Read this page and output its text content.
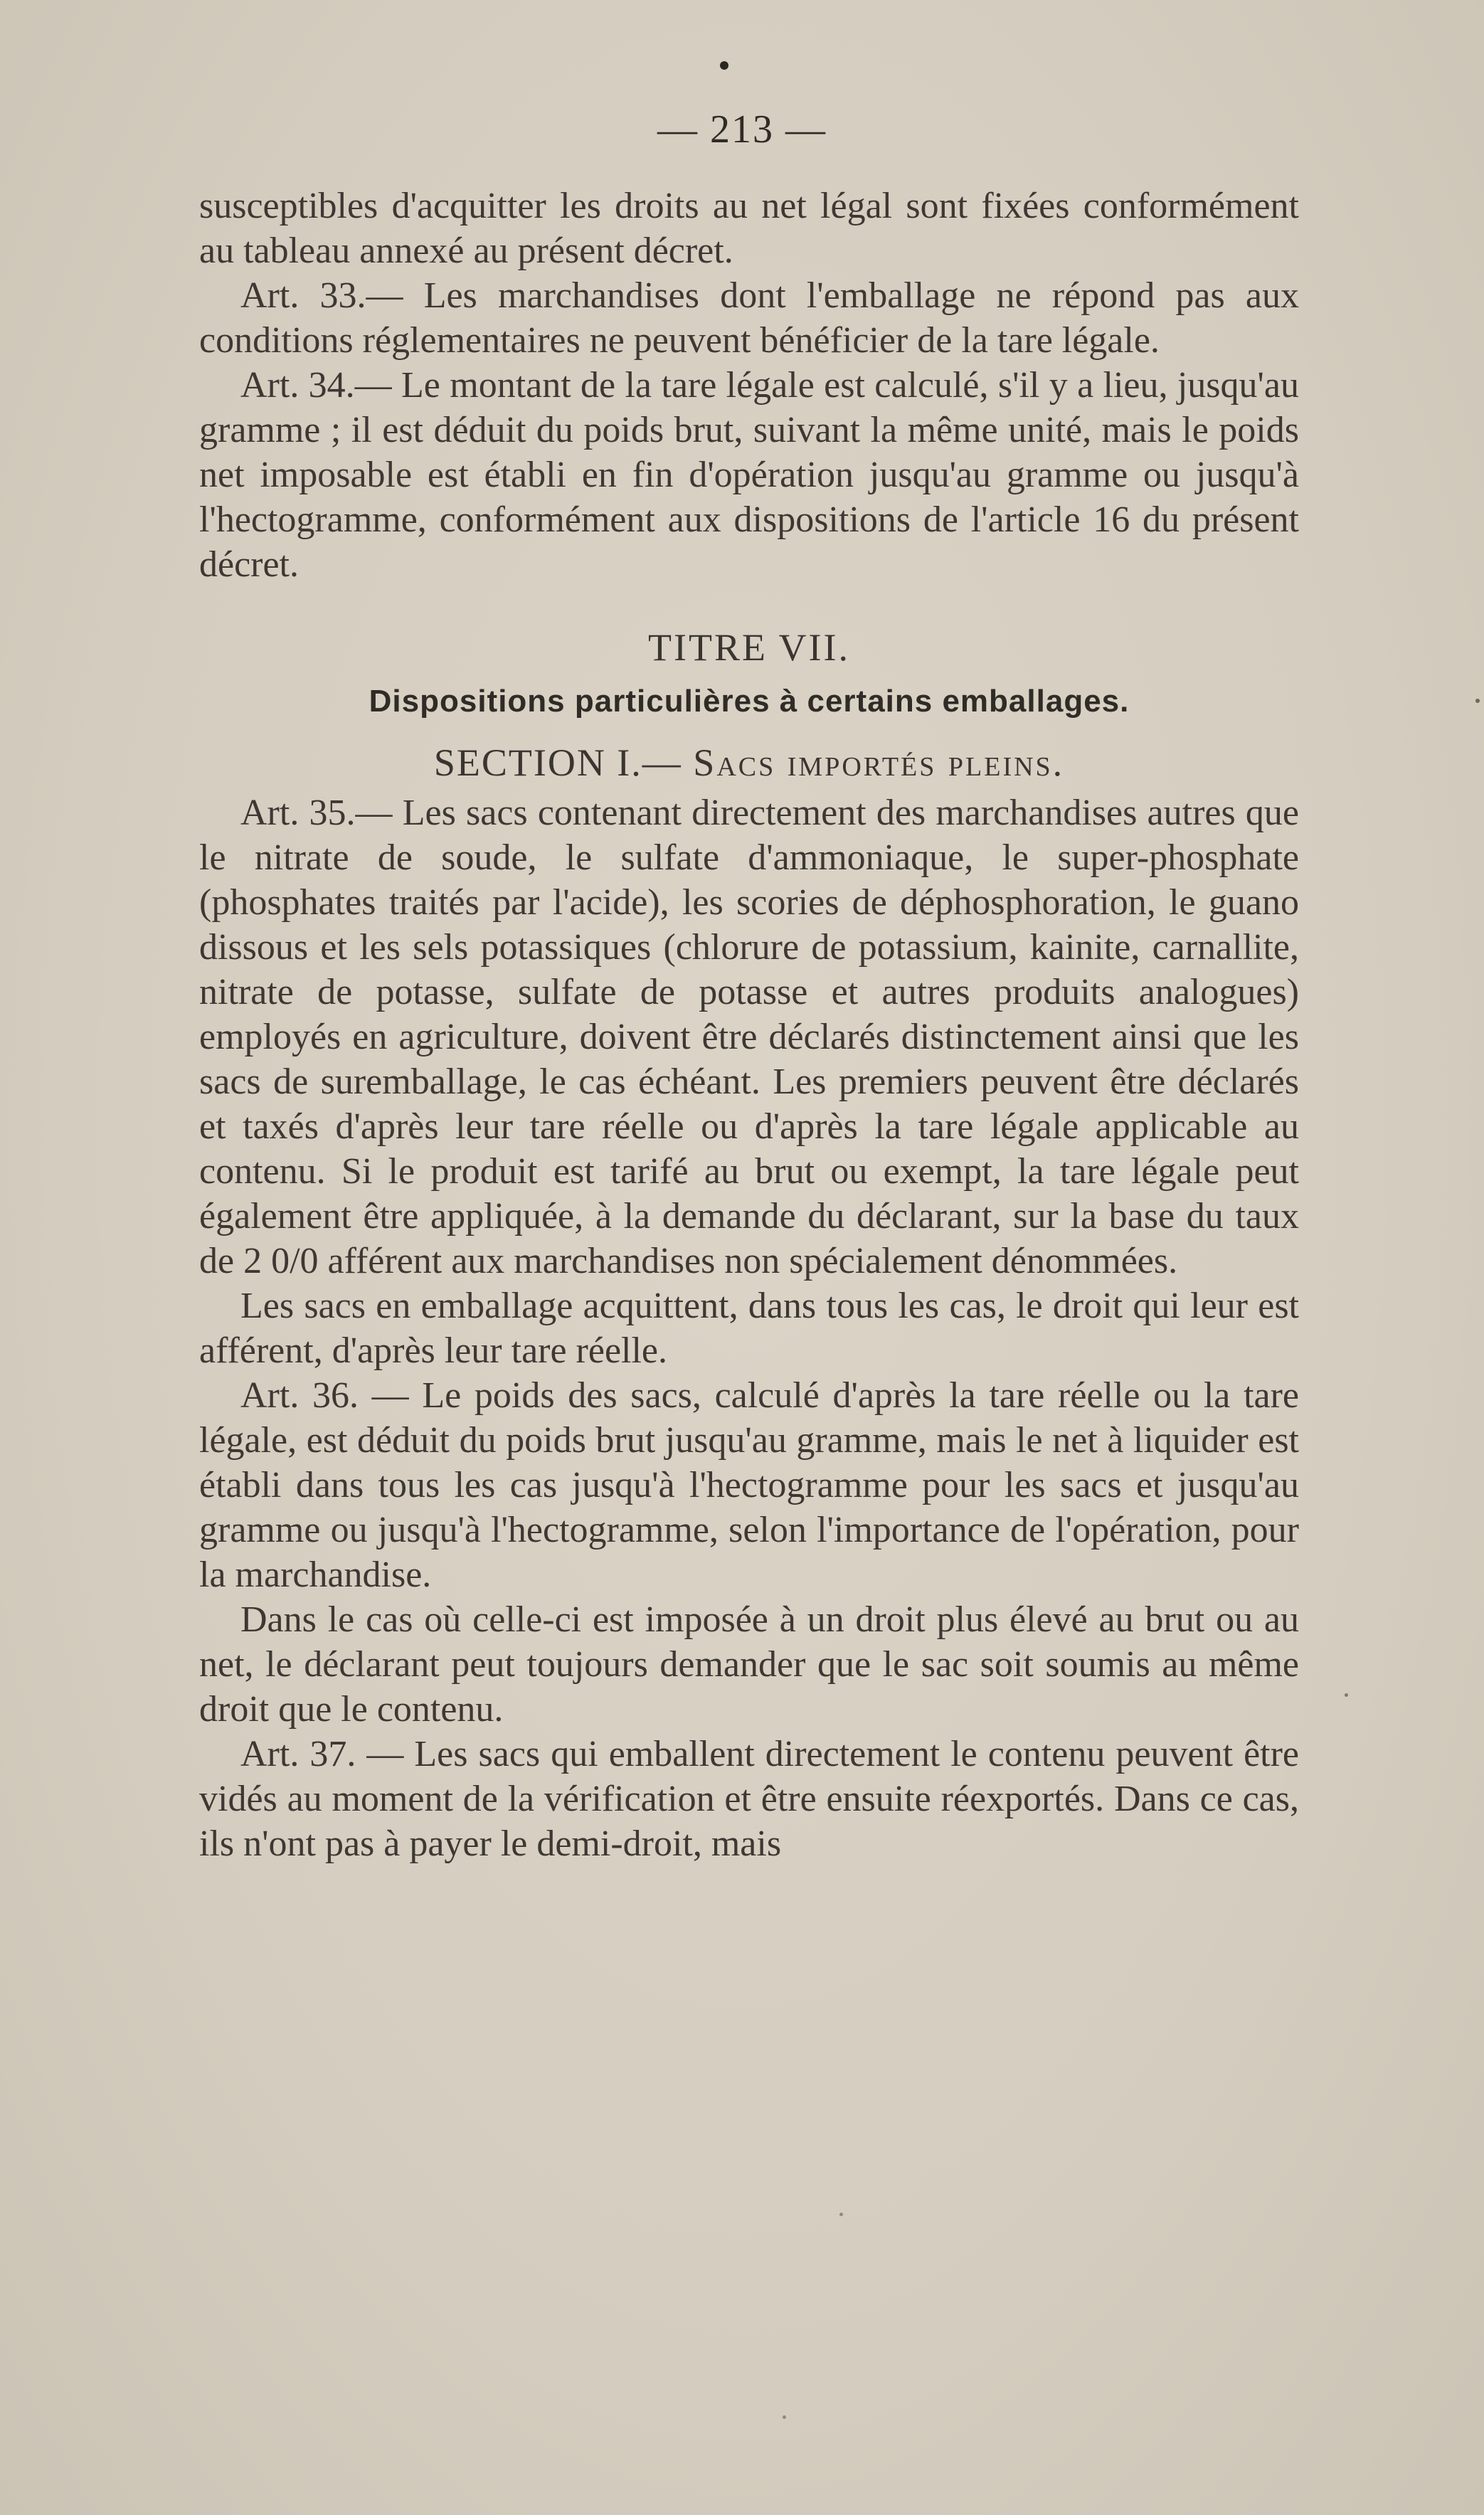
— 213 —

susceptibles d'acquitter les droits au net légal sont fixées conformément au tableau annexé au présent décret.

Art. 33.— Les marchandises dont l'emballage ne répond pas aux conditions réglementaires ne peuvent bénéficier de la tare légale.

Art. 34.— Le montant de la tare légale est calculé, s'il y a lieu, jusqu'au gramme ; il est déduit du poids brut, suivant la même unité, mais le poids net imposable est établi en fin d'opération jusqu'au gramme ou jusqu'à l'hectogramme, conformément aux dispositions de l'article 16 du présent décret.

TITRE VII.
Dispositions particulières à certains emballages.
SECTION I.— Sacs importés pleins.

Art. 35.— Les sacs contenant directement des marchandises autres que le nitrate de soude, le sulfate d'ammoniaque, le super-phosphate (phosphates traités par l'acide), les scories de déphosphoration, le guano dissous et les sels potassiques (chlorure de potassium, kainite, carnallite, nitrate de potasse, sulfate de potasse et autres produits analogues) employés en agriculture, doivent être déclarés distinctement ainsi que les sacs de suremballage, le cas échéant. Les premiers peuvent être déclarés et taxés d'après leur tare réelle ou d'après la tare légale applicable au contenu. Si le produit est tarifé au brut ou exempt, la tare légale peut également être appliquée, à la demande du déclarant, sur la base du taux de 2 0/0 afférent aux marchandises non spécialement dénommées.

Les sacs en emballage acquittent, dans tous les cas, le droit qui leur est afférent, d'après leur tare réelle.

Art. 36. — Le poids des sacs, calculé d'après la tare réelle ou la tare légale, est déduit du poids brut jusqu'au gramme, mais le net à liquider est établi dans tous les cas jusqu'à l'hectogramme pour les sacs et jusqu'au gramme ou jusqu'à l'hectogramme, selon l'importance de l'opération, pour la marchandise.

Dans le cas où celle-ci est imposée à un droit plus élevé au brut ou au net, le déclarant peut toujours demander que le sac soit soumis au même droit que le contenu.

Art. 37. — Les sacs qui emballent directement le contenu peuvent être vidés au moment de la vérification et être ensuite réexportés. Dans ce cas, ils n'ont pas à payer le demi-droit, mais
